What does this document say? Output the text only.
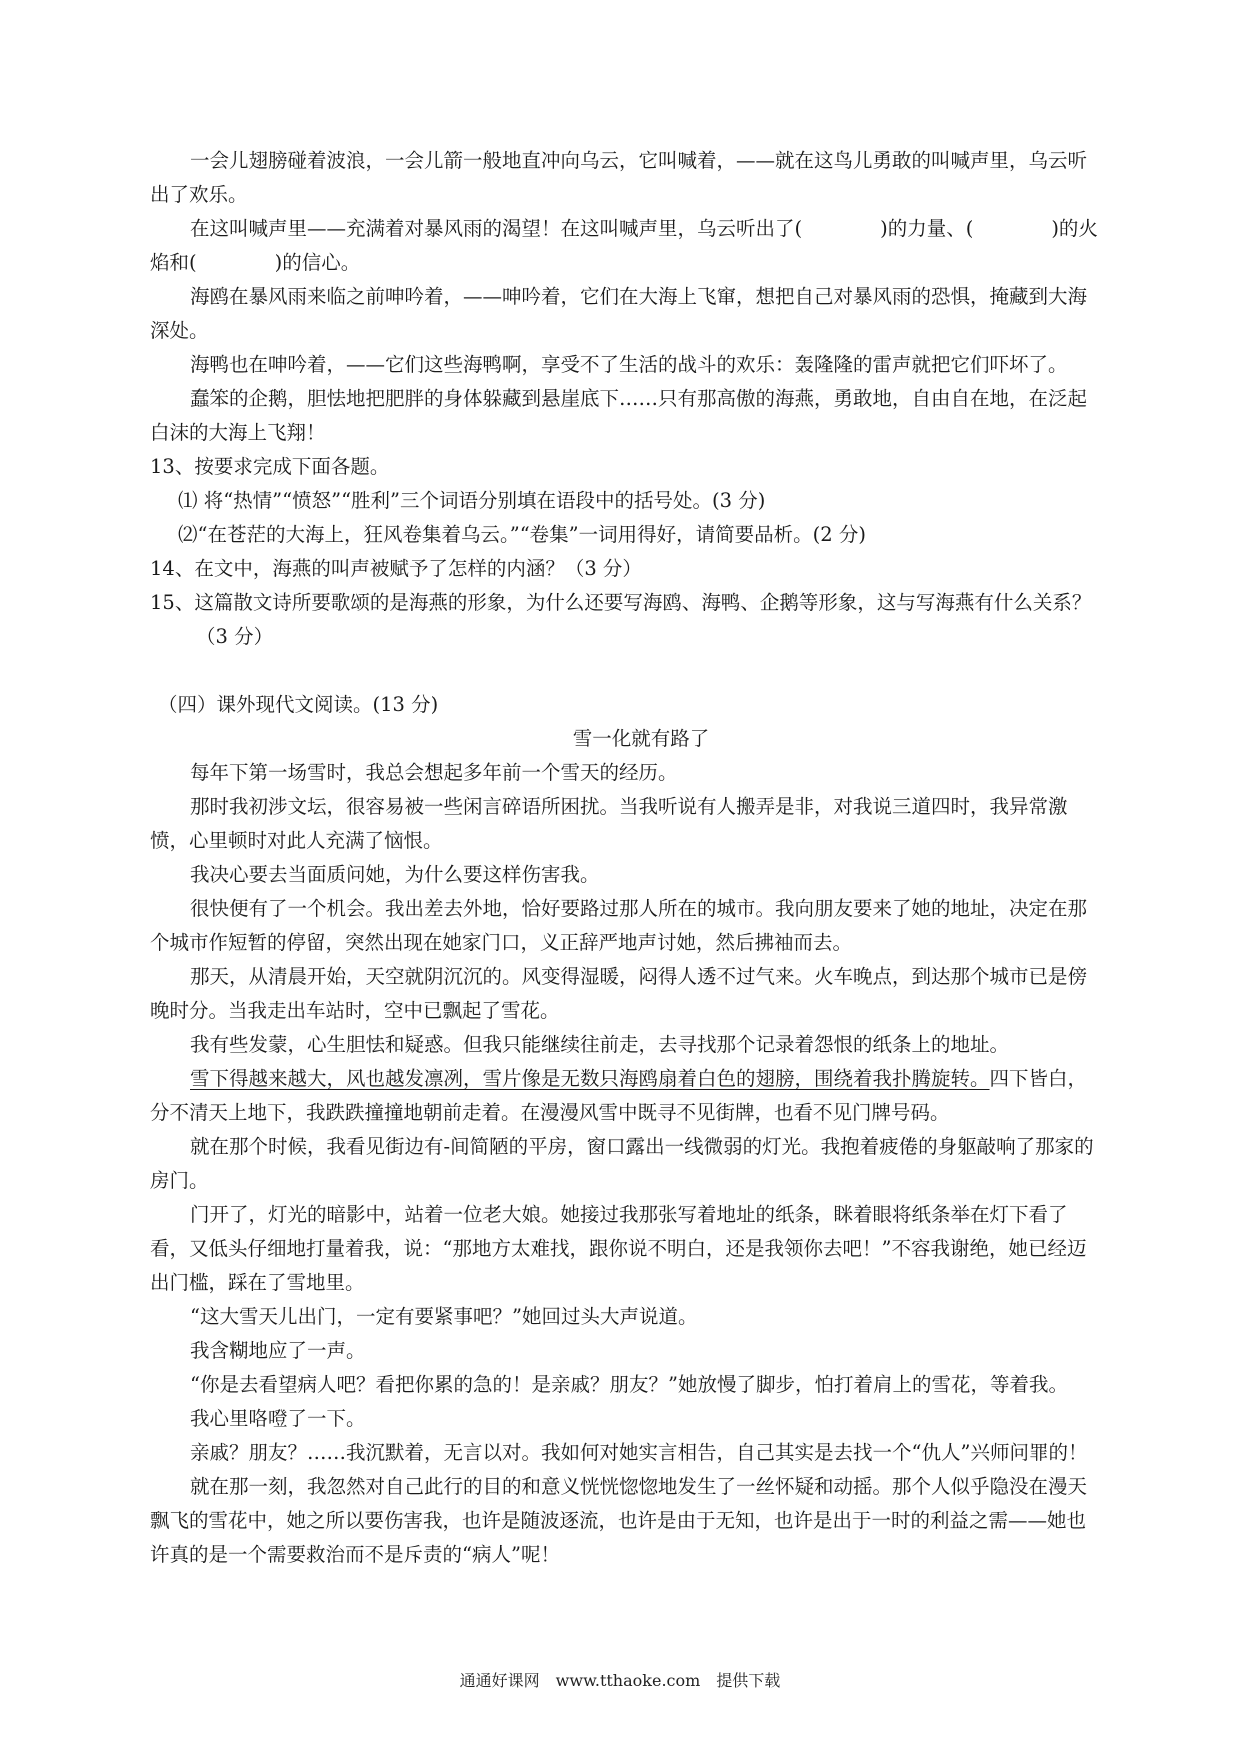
一会儿翅膀碰着波浪，一会儿箭一般地直冲向乌云，它叫喊着，——就在这鸟儿勇敢的叫喊声里，乌云听出了欢乐。

在这叫喊声里——充满着对暴风雨的渴望！在这叫喊声里，乌云听出了(　　　　)的力量、(　　　　)的火焰和(　　　　)的信心。

海鸥在暴风雨来临之前呻吟着，——呻吟着，它们在大海上飞窜，想把自己对暴风雨的恐惧，掩藏到大海深处。

海鸭也在呻吟着，——它们这些海鸭啊，享受不了生活的战斗的欢乐：轰隆隆的雷声就把它们吓坏了。

蠢笨的企鹅，胆怯地把肥胖的身体躲藏到悬崖底下……只有那高傲的海燕，勇敢地，自由自在地，在泛起白沫的大海上飞翔！

13、按要求完成下面各题。

⑴ 将“热情”“愤怒”“胜利”三个词语分别填在语段中的括号处。(3 分)

⑵“在苍茫的大海上，狂风卷集着乌云。”“卷集”一词用得好，请简要品析。(2 分)

14、在文中，海燕的叫声被赋予了怎样的内涵？（3 分）

15、这篇散文诗所要歌颂的是海燕的形象，为什么还要写海鸥、海鸭、企鹅等形象，这与写海燕有什么关系？（3 分）

（四）课外现代文阅读。(13 分)

雪一化就有路了

每年下第一场雪时，我总会想起多年前一个雪天的经历。

那时我初涉文坛，很容易被一些闲言碎语所困扰。当我听说有人搬弄是非，对我说三道四时，我异常激愤，心里顿时对此人充满了恼恨。

我决心要去当面质问她，为什么要这样伤害我。

很快便有了一个机会。我出差去外地，恰好要路过那人所在的城市。我向朋友要来了她的地址，决定在那个城市作短暂的停留，突然出现在她家门口，义正辞严地声讨她，然后拂袖而去。

那天，从清晨开始，天空就阴沉沉的。风变得湿暖，闷得人透不过气来。火车晚点，到达那个城市已是傍晚时分。当我走出车站时，空中已飘起了雪花。

我有些发蒙，心生胆怯和疑惑。但我只能继续往前走，去寻找那个记录着怨恨的纸条上的地址。

雪下得越来越大，风也越发凛冽，雪片像是无数只海鸥扇着白色的翅膀，围绕着我扑腾旋转。四下皆白，分不清天上地下，我跌跌撞撞地朝前走着。在漫漫风雪中既寻不见街牌，也看不见门牌号码。

就在那个时候，我看见街边有-间简陋的平房，窗口露出一线微弱的灯光。我抱着疲倦的身躯敲响了那家的房门。

门开了，灯光的暗影中，站着一位老大娘。她接过我那张写着地址的纸条，眯着眼将纸条举在灯下看了看，又低头仔细地打量着我，说：“那地方太难找，跟你说不明白，还是我领你去吧！”不容我谢绝，她已经迈出门槛，踩在了雪地里。

“这大雪天儿出门，一定有要紧事吧？”她回过头大声说道。

我含糊地应了一声。

“你是去看望病人吧？看把你累的急的！是亲戚？朋友？”她放慢了脚步，怕打着肩上的雪花，等着我。

我心里咯噔了一下。

亲戚？朋友？……我沉默着，无言以对。我如何对她实言相告，自己其实是去找一个“仇人”兴师问罪的！

就在那一刻，我忽然对自己此行的目的和意义恍恍惚惚地发生了一丝怀疑和动摇。那个人似乎隐没在漫天飘飞的雪花中，她之所以要伤害我，也许是随波逐流，也许是由于无知，也许是出于一时的利益之需——她也许真的是一个需要救治而不是斥责的“病人”呢！

通通好课网　www.tthaoke.com　提供下载
